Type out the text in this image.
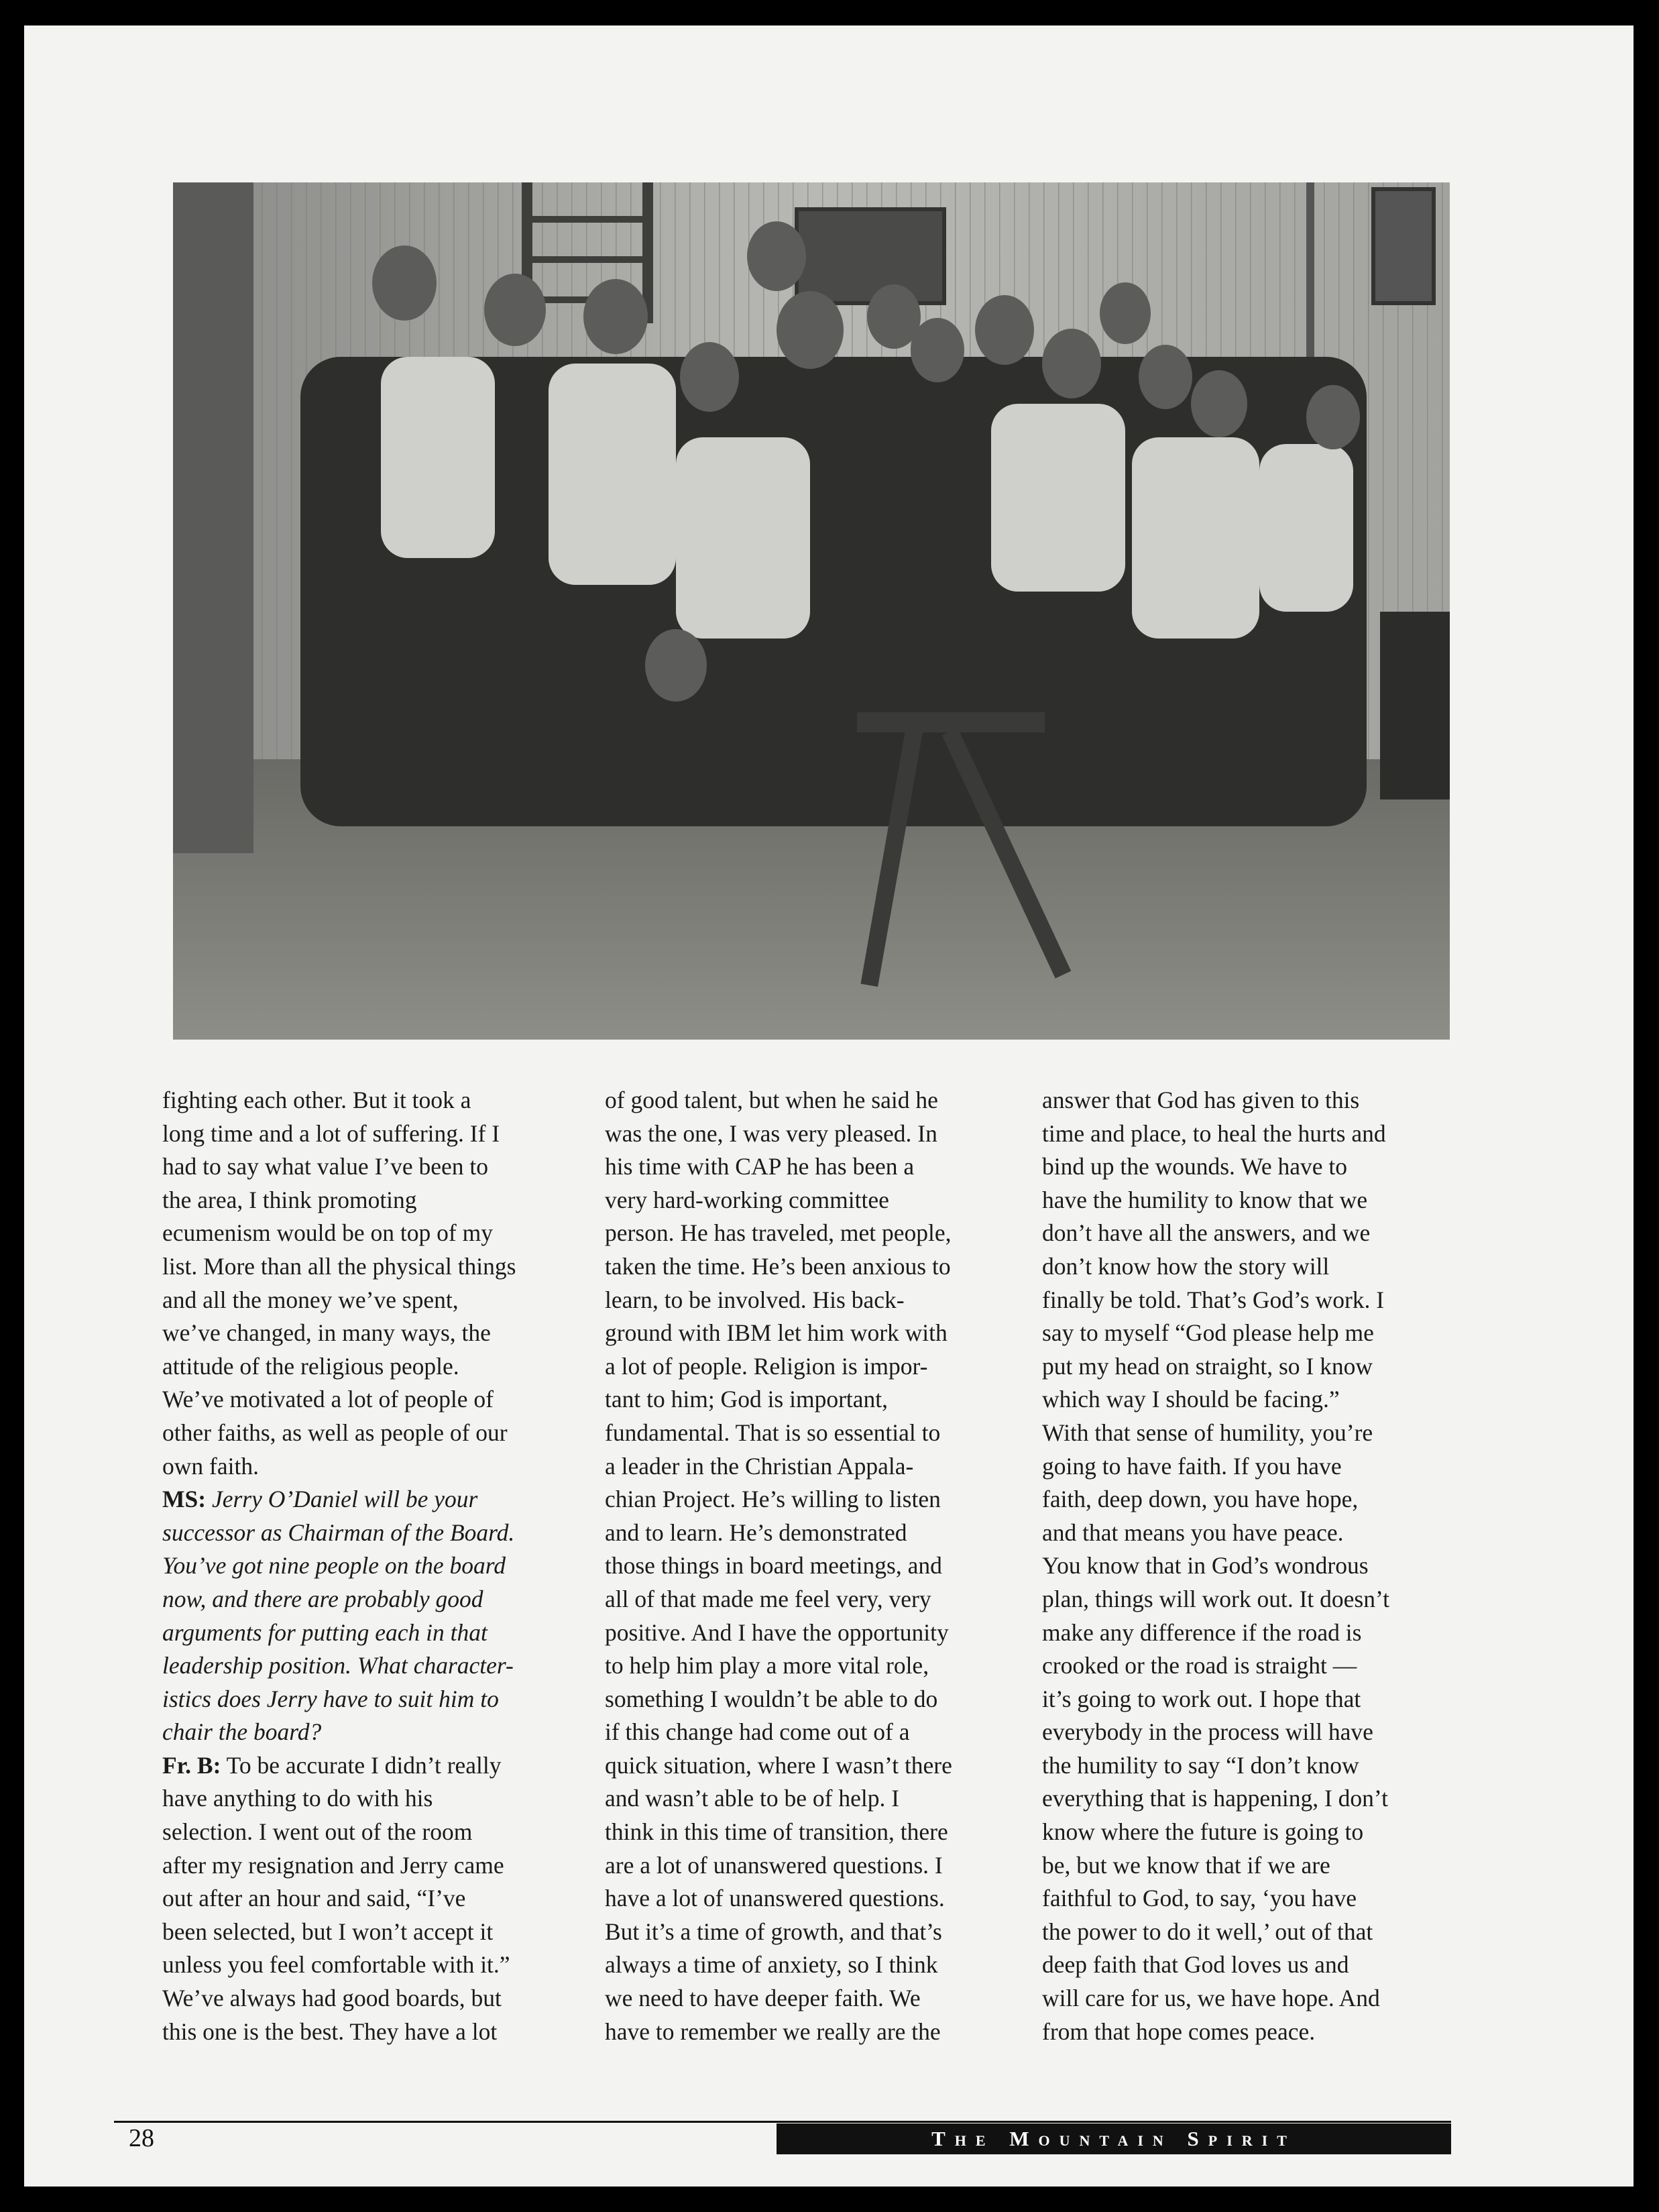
fighting each other. But it took a

long time and a lot of suffering. If I

had to say what value I’ve been to

the area, I think promoting

ecumenism would be on top of my

list. More than all the physical things

and all the money we’ve spent,

we’ve changed, in many ways, the

attitude of the religious people.

We’ve motivated a lot of people of

other faiths, as well as people of our

own faith.

MS: Jerry O’Daniel will be your

successor as Chairman of the Board.

You’ve got nine people on the board

now, and there are probably good

arguments for putting each in that

leadership position. What character-

istics does Jerry have to suit him to

chair the board?

Fr. B: To be accurate I didn’t really

have anything to do with his

selection. I went out of the room

after my resignation and Jerry came

out after an hour and said, “I’ve

been selected, but I won’t accept it

unless you feel comfortable with it.”

We’ve always had good boards, but

this one is the best. They have a lot

of good talent, but when he said he

was the one, I was very pleased. In

his time with CAP he has been a

very hard-working committee

person. He has traveled, met people,

taken the time. He’s been anxious to

learn, to be involved. His back-

ground with IBM let him work with

a lot of people. Religion is impor-

tant to him; God is important,

fundamental. That is so essential to

a leader in the Christian Appala-

chian Project. He’s willing to listen

and to learn. He’s demonstrated

those things in board meetings, and

all of that made me feel very, very

positive. And I have the opportunity

to help him play a more vital role,

something I wouldn’t be able to do

if this change had come out of a

quick situation, where I wasn’t there

and wasn’t able to be of help. I

think in this time of transition, there

are a lot of unanswered questions. I

have a lot of unanswered questions.

But it’s a time of growth, and that’s

always a time of anxiety, so I think

we need to have deeper faith. We

have to remember we really are the

answer that God has given to this

time and place, to heal the hurts and

bind up the wounds. We have to

have the humility to know that we

don’t have all the answers, and we

don’t know how the story will

finally be told. That’s God’s work. I

say to myself “God please help me

put my head on straight, so I know

which way I should be facing.”

With that sense of humility, you’re

going to have faith. If you have

faith, deep down, you have hope,

and that means you have peace.

You know that in God’s wondrous

plan, things will work out. It doesn’t

make any difference if the road is

crooked or the road is straight —

it’s going to work out. I hope that

everybody in the process will have

the humility to say “I don’t know

everything that is happening, I don’t

know where the future is going to

be, but we know that if we are

faithful to God, to say, ‘you have

the power to do it well,’ out of that

deep faith that God loves us and

will care for us, we have hope. And

from that hope comes peace.

28	The Mountain Spirit
